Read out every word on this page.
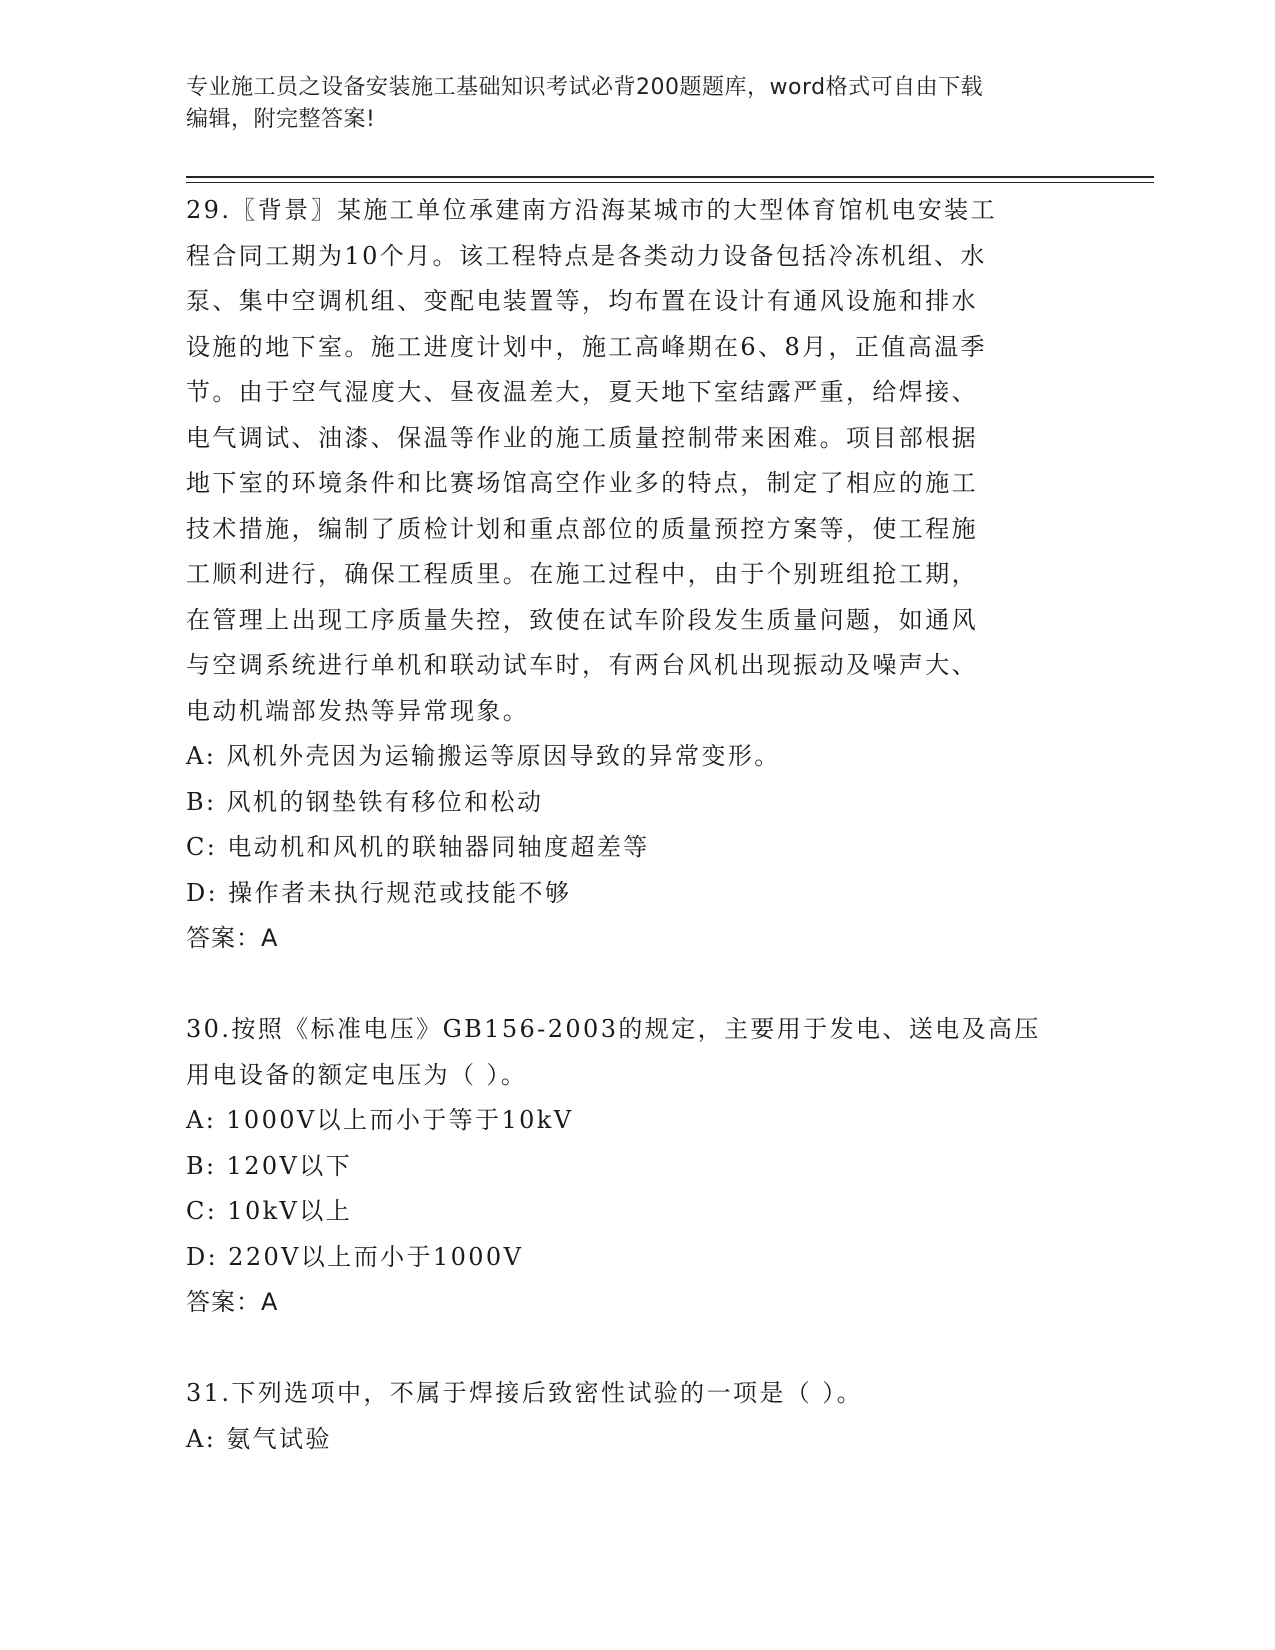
专业施工员之设备安装施工基础知识考试必背200题题库，word格式可自由下载
编辑，附完整答案!
29.〖背景〗某施工单位承建南方沿海某城市的大型体育馆机电安装工
程合同工期为10个月。该工程特点是各类动力设备包括冷冻机组、水
泵、集中空调机组、变配电装置等，均布置在设计有通风设施和排水
设施的地下室。施工进度计划中，施工高峰期在6、8月，正值高温季
节。由于空气湿度大、昼夜温差大，夏天地下室结露严重，给焊接、
电气调试、油漆、保温等作业的施工质量控制带来困难。项目部根据
地下室的环境条件和比赛场馆高空作业多的特点，制定了相应的施工
技术措施，编制了质检计划和重点部位的质量预控方案等，使工程施
工顺利进行，确保工程质里。在施工过程中，由于个别班组抢工期，
在管理上出现工序质量失控，致使在试车阶段发生质量问题，如通风
与空调系统进行单机和联动试车时，有两台风机出现振动及噪声大、
电动机端部发热等异常现象。
A: 风机外壳因为运输搬运等原因导致的异常变形。
B: 风机的钢垫铁有移位和松动
C: 电动机和风机的联轴器同轴度超差等
D: 操作者未执行规范或技能不够
答案：A
30.按照《标准电压》GB156-2003的规定，主要用于发电、送电及高压
用电设备的额定电压为（ ）。
A: 1000V以上而小于等于10kV
B: 120V以下
C: 10kV以上
D: 220V以上而小于1000V
答案：A
31.下列选项中，不属于焊接后致密性试验的一项是（ ）。
A: 氨气试验
